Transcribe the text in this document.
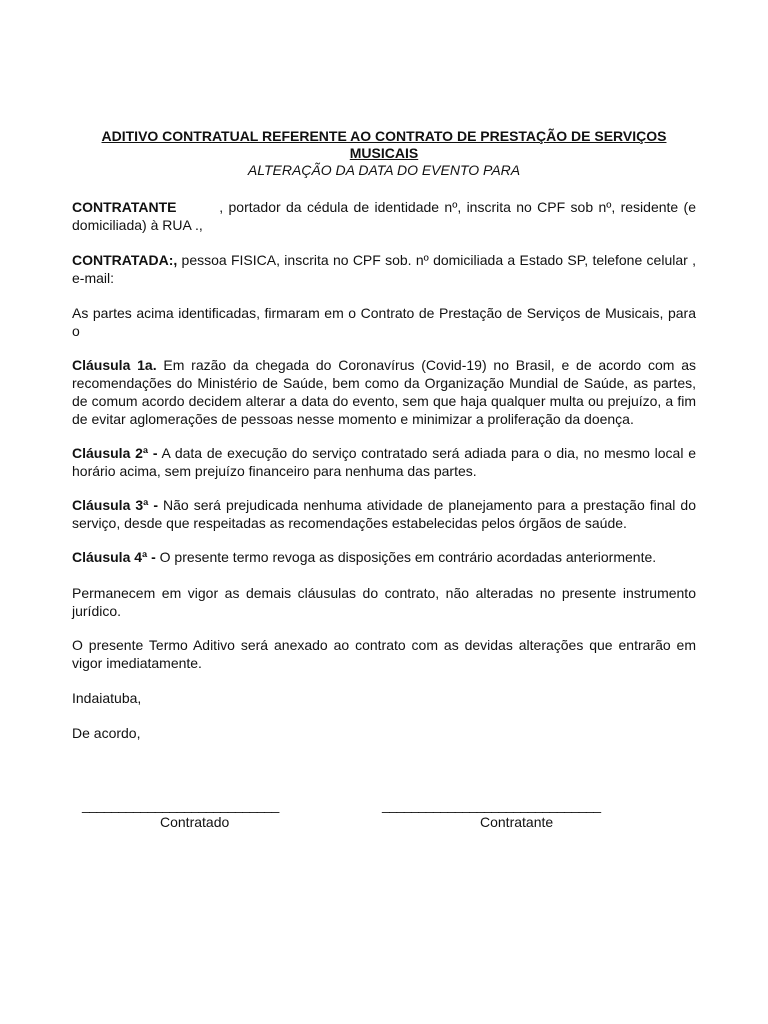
ADITIVO CONTRATUAL REFERENTE AO CONTRATO DE PRESTAÇÃO DE SERVIÇOS
MUSICAIS
ALTERAÇÃO DA DATA DO EVENTO PARA

CONTRATANTE	, portador da cédula de identidade nº, inscrita no CPF sob nº, residente (e domiciliada) à RUA .,

CONTRATADA:, pessoa FISICA, inscrita no CPF sob. nº domiciliada a Estado SP, telefone celular , e-mail:

As partes acima identificadas, firmaram em o Contrato de Prestação de Serviços de Musicais, para o

Cláusula 1a. Em razão da chegada do Coronavírus (Covid-19) no Brasil, e de acordo com as recomendações do Ministério de Saúde, bem como da Organização Mundial de Saúde, as partes, de comum acordo decidem alterar a data do evento, sem que haja qualquer multa ou prejuízo, a fim de evitar aglomerações de pessoas nesse momento e minimizar a proliferação da doença.

Cláusula 2ª - A data de execução do serviço contratado será adiada para o dia, no mesmo local e horário acima, sem prejuízo financeiro para nenhuma das partes.

Cláusula 3ª - Não será prejudicada nenhuma atividade de planejamento para a prestação final do serviço, desde que respeitadas as recomendações estabelecidas pelos órgãos de saúde.

Cláusula 4ª - O presente termo revoga as disposições em contrário acordadas anteriormente.

Permanecem em vigor as demais cláusulas do contrato, não alteradas no presente instrumento jurídico.

O presente Termo Aditivo será anexado ao contrato com as devidas alterações que entrarão em vigor imediatamente.

Indaiatuba,

De acordo,

___________________________
Contratado
______________________________
Contratante
